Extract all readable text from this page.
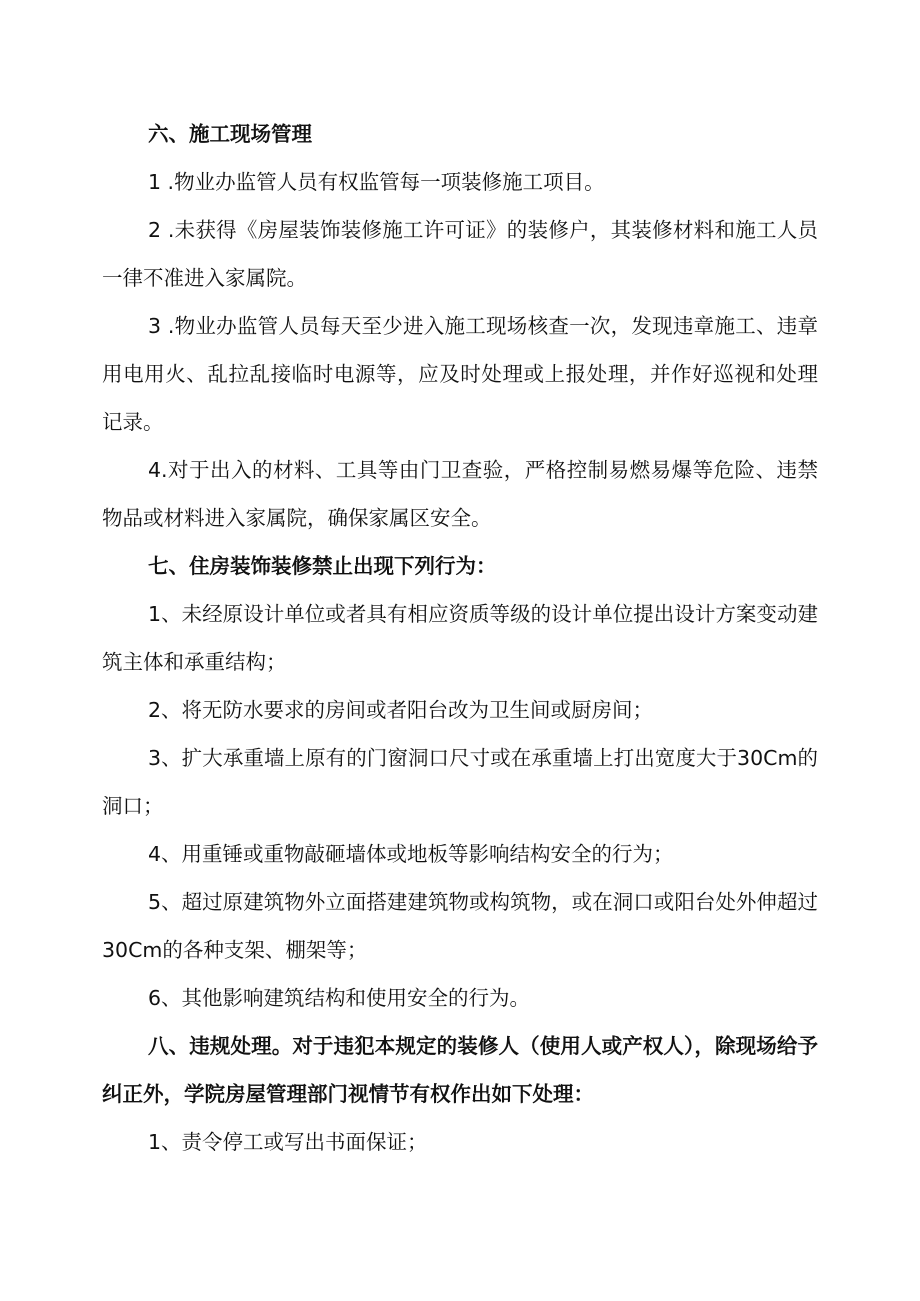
六、施工现场管理

1 .物业办监管人员有权监管每一项装修施工项目。

2 .未获得《房屋装饰装修施工许可证》的装修户，其装修材料和施工人员一律不准进入家属院。

3 .物业办监管人员每天至少进入施工现场核查一次，发现违章施工、违章用电用火、乱拉乱接临时电源等，应及时处理或上报处理，并作好巡视和处理记录。

4.对于出入的材料、工具等由门卫查验，严格控制易燃易爆等危险、违禁物品或材料进入家属院，确保家属区安全。

七、住房装饰装修禁止出现下列行为：

1、未经原设计单位或者具有相应资质等级的设计单位提出设计方案变动建筑主体和承重结构；

2、将无防水要求的房间或者阳台改为卫生间或厨房间；

3、扩大承重墙上原有的门窗洞口尺寸或在承重墙上打出宽度大于30Cm的洞口；

4、用重锤或重物敲砸墙体或地板等影响结构安全的行为；

5、超过原建筑物外立面搭建建筑物或构筑物，或在洞口或阳台处外伸超过30Cm的各种支架、棚架等；

6、其他影响建筑结构和使用安全的行为。

八、违规处理。对于违犯本规定的装修人（使用人或产权人），除现场给予纠正外，学院房屋管理部门视情节有权作出如下处理：

1、责令停工或写出书面保证；
